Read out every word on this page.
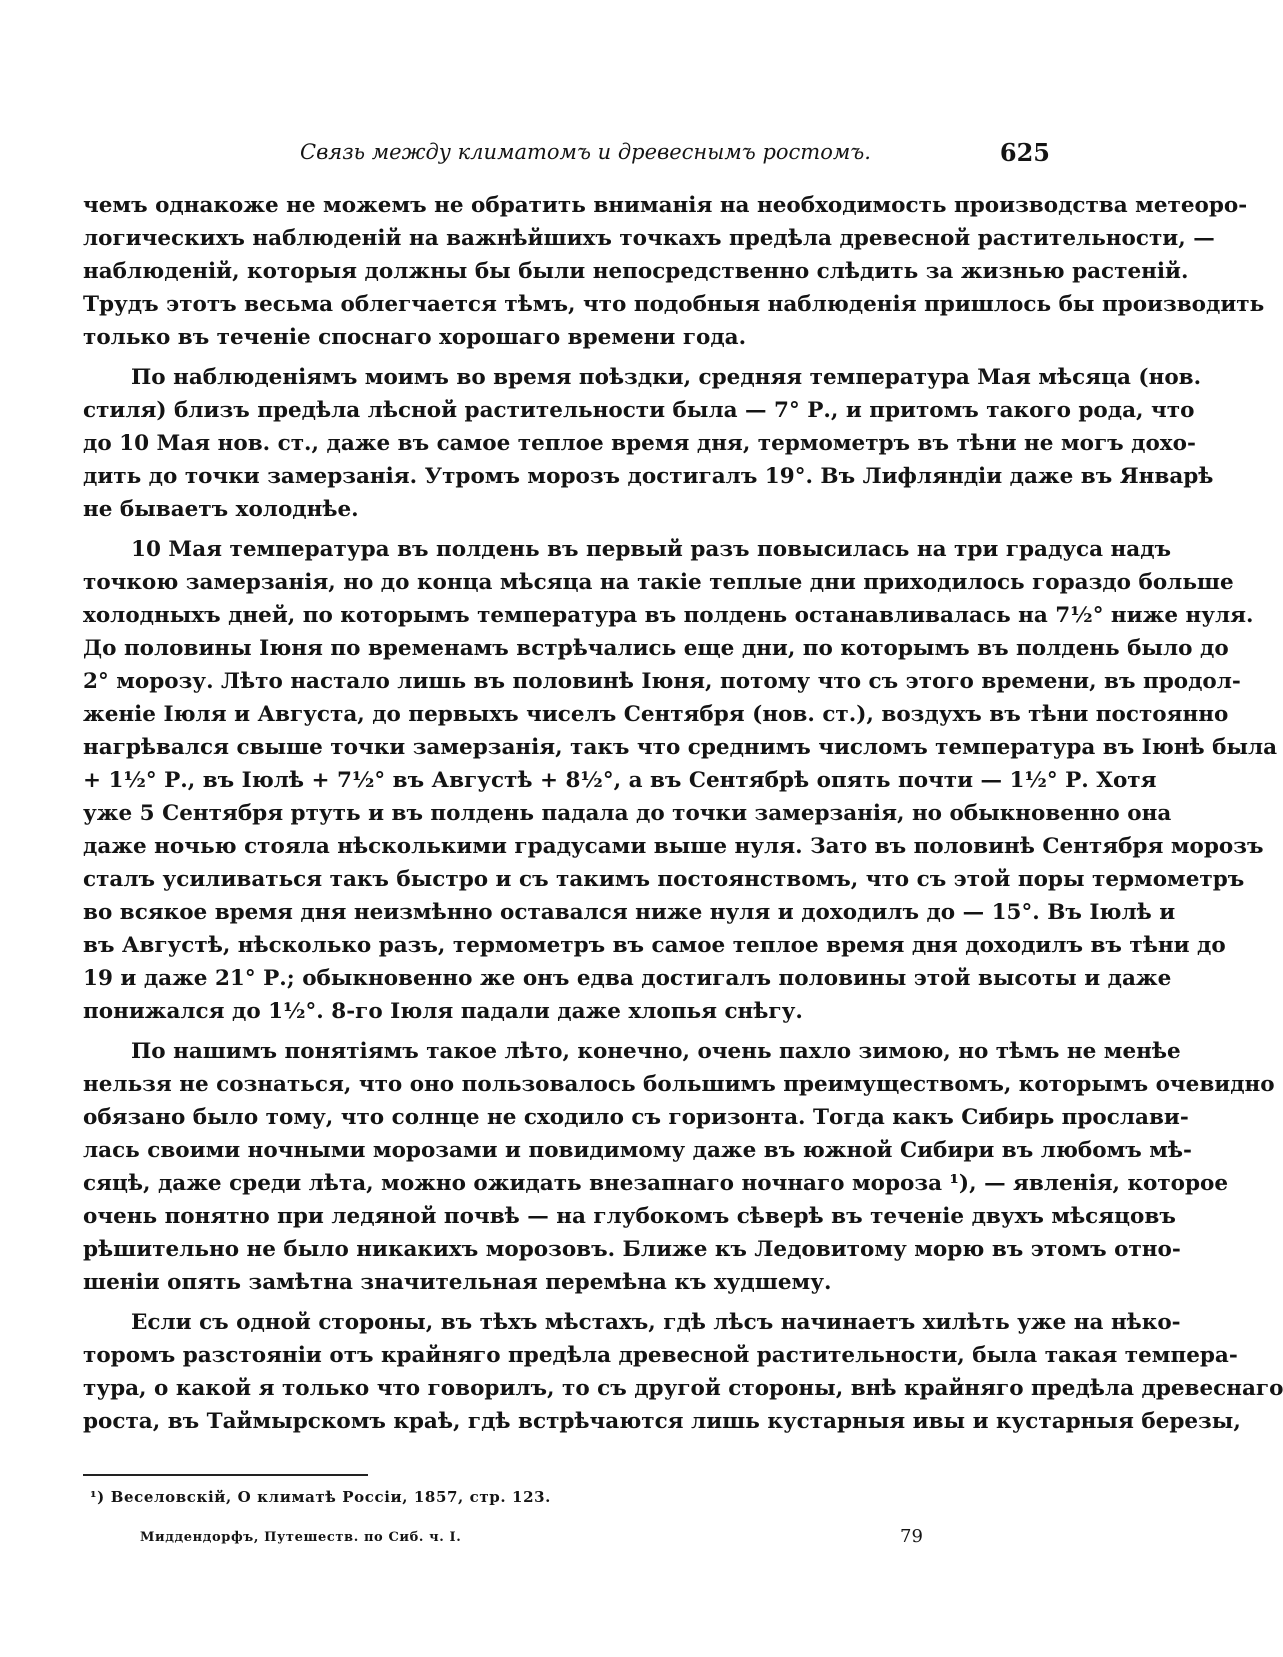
Связь между климатомъ и древеснымъ ростомъ.	625
чемъ однакоже не можемъ не обратить вниманія на необходимость производства метеоро-
логическихъ наблюденій на важнѣйшихъ точкахъ предѣла древесной растительности, —
наблюденій, которыя должны бы были непосредственно слѣдить за жизнью растеній.
Трудъ этотъ весьма облегчается тѣмъ, что подобныя наблюденія пришлось бы производить
только въ теченіе споснаго хорошаго времени года.
По наблюденіямъ моимъ во время поѣздки, средняя температура Мая мѣсяца (нов.
стиля) близъ предѣла лѣсной растительности была — 7° Р., и притомъ такого рода, что
до 10 Мая нов. ст., даже въ самое теплое время дня, термометръ въ тѣни не могъ дохо-
дить до точки замерзанія. Утромъ морозъ достигалъ 19°. Въ Лифляндіи даже въ Январѣ
не бываетъ холоднѣе.
10 Мая температура въ полдень въ первый разъ повысилась на три градуса надъ
точкою замерзанія, но до конца мѣсяца на такіе теплые дни приходилось гораздо больше
холодныхъ дней, по которымъ температура въ полдень останавливалась на 7½° ниже нуля.
До половины Іюня по временамъ встрѣчались еще дни, по которымъ въ полдень было до
2° морозу. Лѣто настало лишь въ половинѣ Іюня, потому что съ этого времени, въ продол-
женіе Іюля и Августа, до первыхъ чиселъ Сентября (нов. ст.), воздухъ въ тѣни постоянно
нагрѣвался свыше точки замерзанія, такъ что среднимъ числомъ температура въ Іюнѣ была
+ 1½° Р., въ Іюлѣ + 7½° въ Августѣ + 8½°, а въ Сентябрѣ опять почти — 1½° Р. Хотя
уже 5 Сентября ртуть и въ полдень падала до точки замерзанія, но обыкновенно она
даже ночью стояла нѣсколькими градусами выше нуля. Зато въ половинѣ Сентября морозъ
сталъ усиливаться такъ быстро и съ такимъ постоянствомъ, что съ этой поры термометръ
во всякое время дня неизмѣнно оставался ниже нуля и доходилъ до — 15°. Въ Іюлѣ и
въ Августѣ, нѣсколько разъ, термометръ въ самое теплое время дня доходилъ въ тѣни до
19 и даже 21° Р.; обыкновенно же онъ едва достигалъ половины этой высоты и даже
понижался до 1½°. 8-го Іюля падали даже хлопья снѣгу.
По нашимъ понятіямъ такое лѣто, конечно, очень пахло зимою, но тѣмъ не менѣе
нельзя не сознаться, что оно пользовалось большимъ преимуществомъ, которымъ очевидно
обязано было тому, что солнце не сходило съ горизонта. Тогда какъ Сибирь прослави-
лась своими ночными морозами и повидимому даже въ южной Сибири въ любомъ мѣ-
сяцѣ, даже среди лѣта, можно ожидать внезапнаго ночнаго мороза ¹), — явленія, которое
очень понятно при ледяной почвѣ — на глубокомъ сѣверѣ въ теченіе двухъ мѣсяцовъ
рѣшительно не было никакихъ морозовъ. Ближе къ Ледовитому морю въ этомъ отно-
шеніи опять замѣтна значительная перемѣна къ худшему.
Если съ одной стороны, въ тѣхъ мѣстахъ, гдѣ лѣсъ начинаетъ хилѣть уже на нѣко-
торомъ разстояніи отъ крайняго предѣла древесной растительности, была такая темпера-
тура, о какой я только что говорилъ, то съ другой стороны, внѣ крайняго предѣла древеснаго
роста, въ Таймырскомъ краѣ, гдѣ встрѣчаются лишь кустарныя ивы и кустарныя березы,
¹) Веселовскій, О климатѣ Россіи, 1857, стр. 123.
Миддендорфъ, Путешеств. по Сиб. ч. I.	79
